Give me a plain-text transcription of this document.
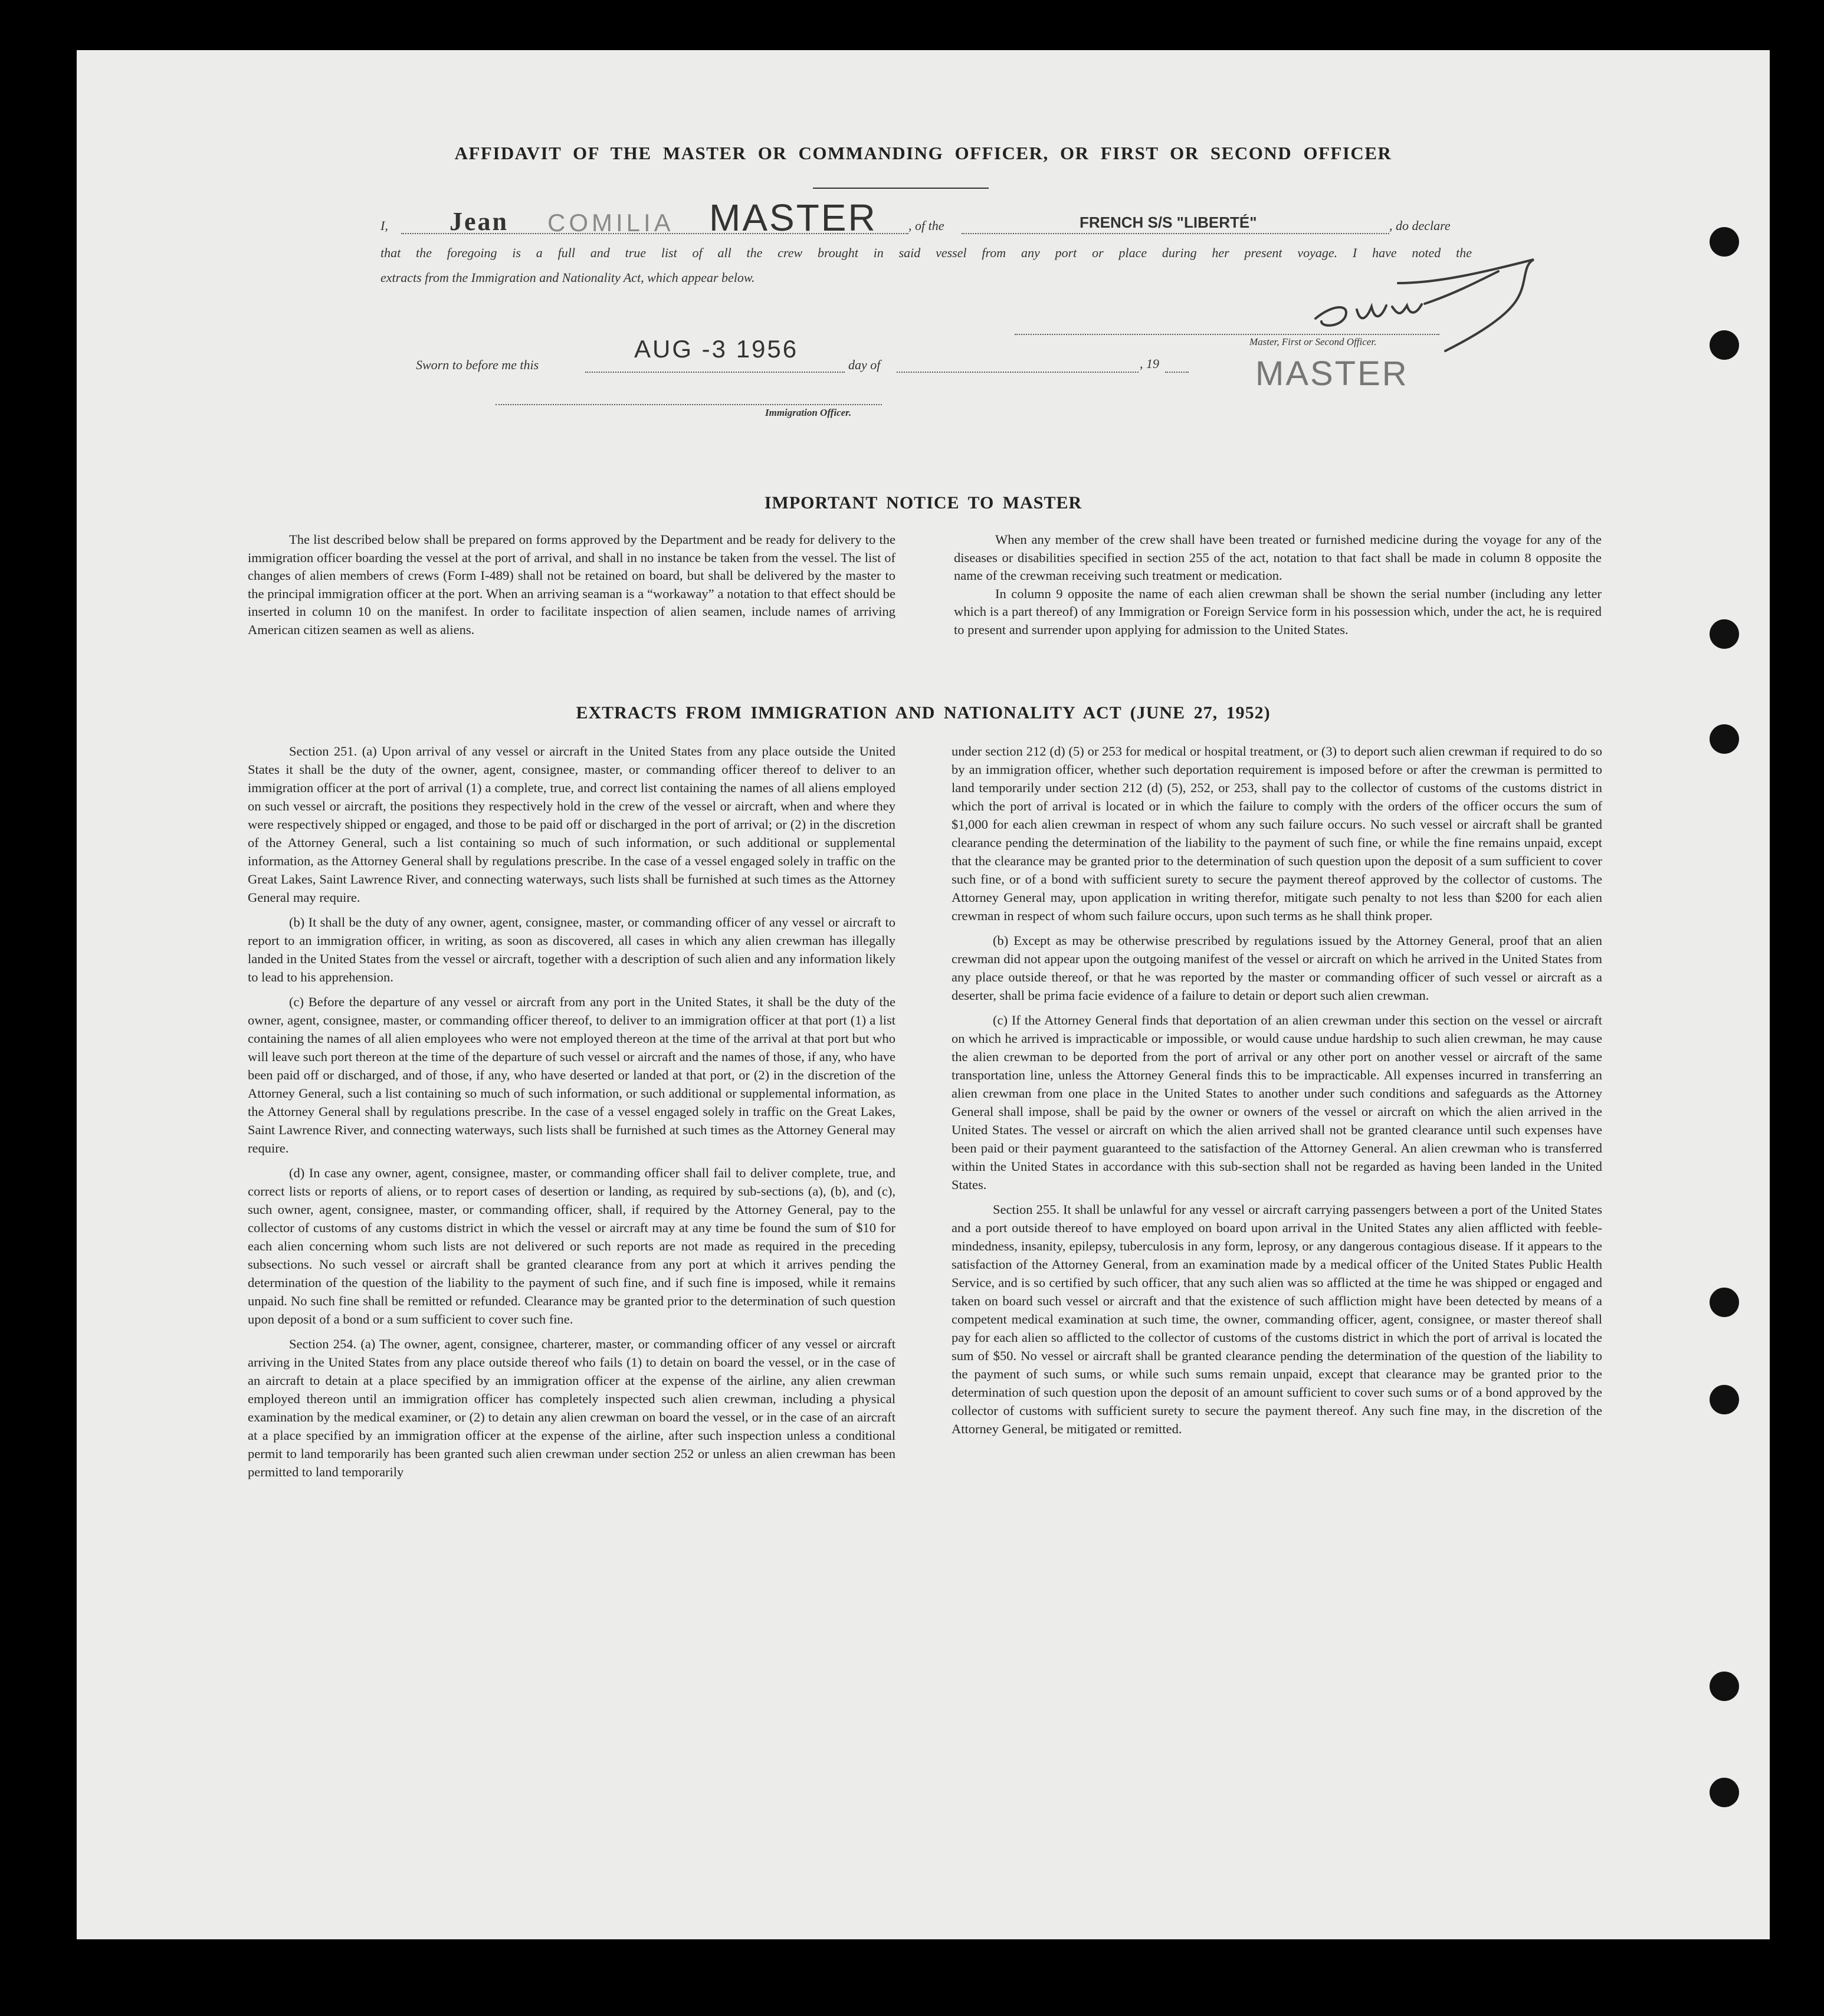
AFFIDAVIT OF THE MASTER OR COMMANDING OFFICER, OR FIRST OR SECOND OFFICER
I, Jean COMILIA MASTER , of the	FRENCH S/S "LIBERTÉ"	, do declare
that the foregoing is a full and true list of all the crew brought in said vessel from any port or place during her present voyage. I have noted the
extracts from the Immigration and Nationality Act, which appear below.
Sworn to before me this
AUG -3 1956
day of	, 19
Master, First or Second Officer.
MASTER
Immigration Officer.
IMPORTANT NOTICE TO MASTER

The list described below shall be prepared on forms approved by the Department and be ready for delivery to the immigration officer boarding the vessel at the port of arrival, and shall in no instance be taken from the vessel. The list of changes of alien members of crews (Form I-489) shall not be retained on board, but shall be delivered by the master to the principal immigration officer at the port. When an arriving seaman is a “workaway” a notation to that effect should be inserted in column 10 on the manifest. In order to facilitate inspection of alien seamen, include names of arriving American citizen seamen as well as aliens.

When any member of the crew shall have been treated or furnished medicine during the voyage for any of the diseases or disabilities specified in section 255 of the act, notation to that fact shall be made in column 8 opposite the name of the crewman receiving such treatment or medication.

In column 9 opposite the name of each alien crewman shall be shown the serial number (including any letter which is a part thereof) of any Immigration or Foreign Service form in his possession which, under the act, he is required to present and surrender upon applying for admission to the United States.

EXTRACTS FROM IMMIGRATION AND NATIONALITY ACT (JUNE 27, 1952)

Section 251. (a) Upon arrival of any vessel or aircraft in the United States from any place outside the United States it shall be the duty of the owner, agent, consignee, master, or commanding officer thereof to deliver to an immigration officer at the port of arrival (1) a complete, true, and correct list containing the names of all aliens employed on such vessel or aircraft, the positions they respectively hold in the crew of the vessel or aircraft, when and where they were respectively shipped or engaged, and those to be paid off or discharged in the port of arrival; or (2) in the discretion of the Attorney General, such a list containing so much of such information, or such additional or supplemental information, as the Attorney General shall by regulations prescribe. In the case of a vessel engaged solely in traffic on the Great Lakes, Saint Lawrence River, and connecting waterways, such lists shall be furnished at such times as the Attorney General may require.

(b) It shall be the duty of any owner, agent, consignee, master, or commanding officer of any vessel or aircraft to report to an immigration officer, in writing, as soon as discovered, all cases in which any alien crewman has illegally landed in the United States from the vessel or aircraft, together with a description of such alien and any information likely to lead to his apprehension.

(c) Before the departure of any vessel or aircraft from any port in the United States, it shall be the duty of the owner, agent, consignee, master, or commanding officer thereof, to deliver to an immigration officer at that port (1) a list containing the names of all alien employees who were not employed thereon at the time of the arrival at that port but who will leave such port thereon at the time of the departure of such vessel or aircraft and the names of those, if any, who have been paid off or discharged, and of those, if any, who have deserted or landed at that port, or (2) in the discretion of the Attorney General, such a list containing so much of such information, or such additional or supplemental information, as the Attorney General shall by regulations prescribe. In the case of a vessel engaged solely in traffic on the Great Lakes, Saint Lawrence River, and connecting waterways, such lists shall be furnished at such times as the Attorney General may require.

(d) In case any owner, agent, consignee, master, or commanding officer shall fail to deliver complete, true, and correct lists or reports of aliens, or to report cases of desertion or landing, as required by sub-sections (a), (b), and (c), such owner, agent, consignee, master, or commanding officer, shall, if required by the Attorney General, pay to the collector of customs of any customs district in which the vessel or aircraft may at any time be found the sum of $10 for each alien concerning whom such lists are not delivered or such reports are not made as required in the preceding subsections. No such vessel or aircraft shall be granted clearance from any port at which it arrives pending the determination of the question of the liability to the payment of such fine, and if such fine is imposed, while it remains unpaid. No such fine shall be remitted or refunded. Clearance may be granted prior to the determination of such question upon deposit of a bond or a sum sufficient to cover such fine.

Section 254. (a) The owner, agent, consignee, charterer, master, or commanding officer of any vessel or aircraft arriving in the United States from any place outside thereof who fails (1) to detain on board the vessel, or in the case of an aircraft to detain at a place specified by an immigration officer at the expense of the airline, any alien crewman employed thereon until an immigration officer has completely inspected such alien crewman, including a physical examination by the medical examiner, or (2) to detain any alien crewman on board the vessel, or in the case of an aircraft at a place specified by an immigration officer at the expense of the airline, after such inspection unless a conditional permit to land temporarily has been granted such alien crewman under section 252 or unless an alien crewman has been permitted to land temporarily

under section 212 (d) (5) or 253 for medical or hospital treatment, or (3) to deport such alien crewman if required to do so by an immigration officer, whether such deportation requirement is imposed before or after the crewman is permitted to land temporarily under section 212 (d) (5), 252, or 253, shall pay to the collector of customs of the customs district in which the port of arrival is located or in which the failure to comply with the orders of the officer occurs the sum of $1,000 for each alien crewman in respect of whom any such failure occurs. No such vessel or aircraft shall be granted clearance pending the determination of the liability to the payment of such fine, or while the fine remains unpaid, except that the clearance may be granted prior to the determination of such question upon the deposit of a sum sufficient to cover such fine, or of a bond with sufficient surety to secure the payment thereof approved by the collector of customs. The Attorney General may, upon application in writing therefor, mitigate such penalty to not less than $200 for each alien crewman in respect of whom such failure occurs, upon such terms as he shall think proper.

(b) Except as may be otherwise prescribed by regulations issued by the Attorney General, proof that an alien crewman did not appear upon the outgoing manifest of the vessel or aircraft on which he arrived in the United States from any place outside thereof, or that he was reported by the master or commanding officer of such vessel or aircraft as a deserter, shall be prima facie evidence of a failure to detain or deport such alien crewman.

(c) If the Attorney General finds that deportation of an alien crewman under this section on the vessel or aircraft on which he arrived is impracticable or impossible, or would cause undue hardship to such alien crewman, he may cause the alien crewman to be deported from the port of arrival or any other port on another vessel or aircraft of the same transportation line, unless the Attorney General finds this to be impracticable. All expenses incurred in transferring an alien crewman from one place in the United States to another under such conditions and safeguards as the Attorney General shall impose, shall be paid by the owner or owners of the vessel or aircraft on which the alien arrived in the United States. The vessel or aircraft on which the alien arrived shall not be granted clearance until such expenses have been paid or their payment guaranteed to the satisfaction of the Attorney General. An alien crewman who is transferred within the United States in accordance with this sub-section shall not be regarded as having been landed in the United States.

Section 255. It shall be unlawful for any vessel or aircraft carrying passengers between a port of the United States and a port outside thereof to have employed on board upon arrival in the United States any alien afflicted with feeble-mindedness, insanity, epilepsy, tuberculosis in any form, leprosy, or any dangerous contagious disease. If it appears to the satisfaction of the Attorney General, from an examination made by a medical officer of the United States Public Health Service, and is so certified by such officer, that any such alien was so afflicted at the time he was shipped or engaged and taken on board such vessel or aircraft and that the existence of such affliction might have been detected by means of a competent medical examination at such time, the owner, commanding officer, agent, consignee, or master thereof shall pay for each alien so afflicted to the collector of customs of the customs district in which the port of arrival is located the sum of $50. No vessel or aircraft shall be granted clearance pending the determination of the question of the liability to the payment of such sums, or while such sums remain unpaid, except that clearance may be granted prior to the determination of such question upon the deposit of an amount sufficient to cover such sums or of a bond approved by the collector of customs with sufficient surety to secure the payment thereof. Any such fine may, in the discretion of the Attorney General, be mitigated or remitted.
